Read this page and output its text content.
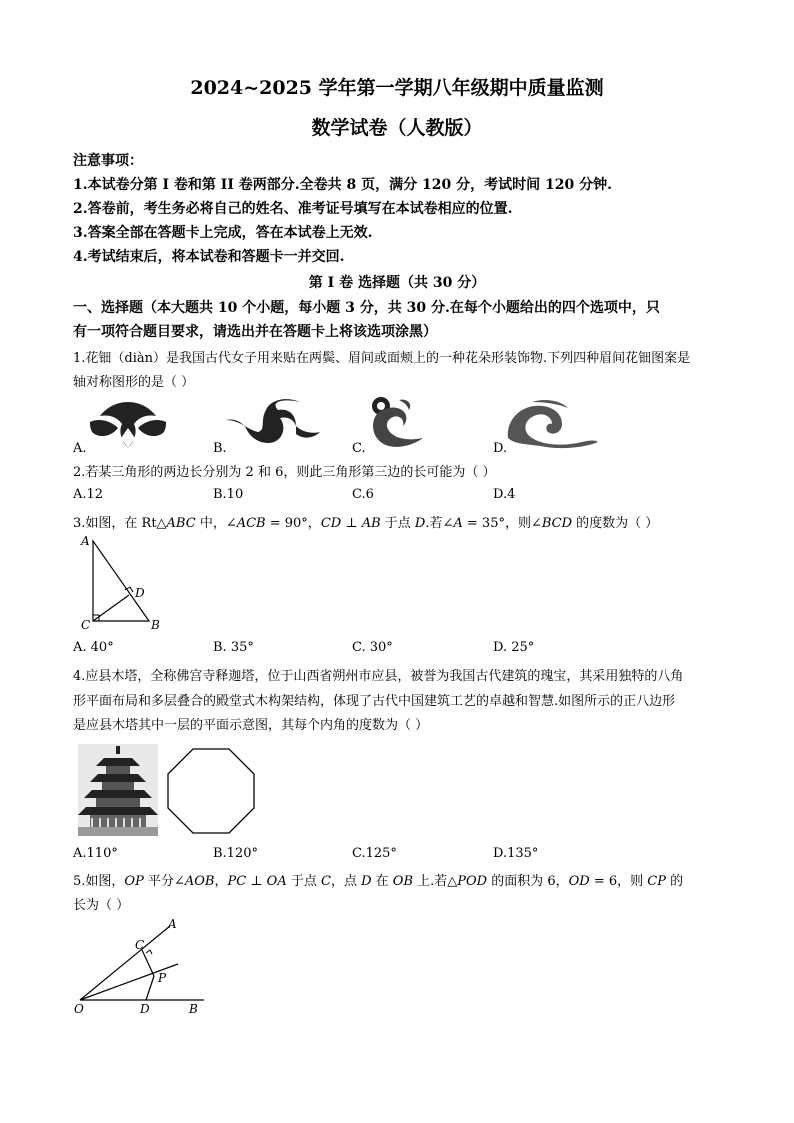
2024~2025 学年第一学期八年级期中质量监测
数学试卷（人教版）
注意事项：
1.本试卷分第 I 卷和第 II 卷两部分.全卷共 8 页，满分 120 分，考试时间 120 分钟.
2.答卷前，考生务必将自己的姓名、准考证号填写在本试卷相应的位置.
3.答案全部在答题卡上完成，答在本试卷上无效.
4.考试结束后，将本试卷和答题卡一并交回.
第 I 卷 选择题（共 30 分）
一、选择题（本大题共 10 个小题，每小题 3 分，共 30 分.在每个小题给出的四个选项中，只
有一项符合题目要求，请选出并在答题卡上将该选项涂黑）
1.花钿（diàn）是我国古代女子用来贴在两鬓、眉间或面颊上的一种花朵形装饰物.下列四种眉间花钿图案是
轴对称图形的是（ ）
A.	B.	C.	D.
2.若某三角形的两边长分别为 2 和 6，则此三角形第三边的长可能为（ ）
A.12	B.10	C.6	D.4
3.如图，在 Rt△ABC 中，∠ACB = 90°，CD ⊥ AB 于点 D.若∠A = 35°，则∠BCD 的度数为（ ）
A
D
C	B
A. 40°	B. 35°	C. 30°	D. 25°
4.应县木塔，全称佛宫寺释迦塔，位于山西省朔州市应县，被誉为我国古代建筑的瑰宝，其采用独特的八角
形平面布局和多层叠合的殿堂式木构架结构，体现了古代中国建筑工艺的卓越和智慧.如图所示的正八边形
是应县木塔其中一层的平面示意图，其每个内角的度数为（ ）
A.110°	B.120°	C.125°	D.135°
5.如图，OP 平分∠AOB，PC ⊥ OA 于点 C，点 D 在 OB 上.若△POD 的面积为 6，OD = 6，则 CP 的
长为（ ）
A
C
P
O	D	B
